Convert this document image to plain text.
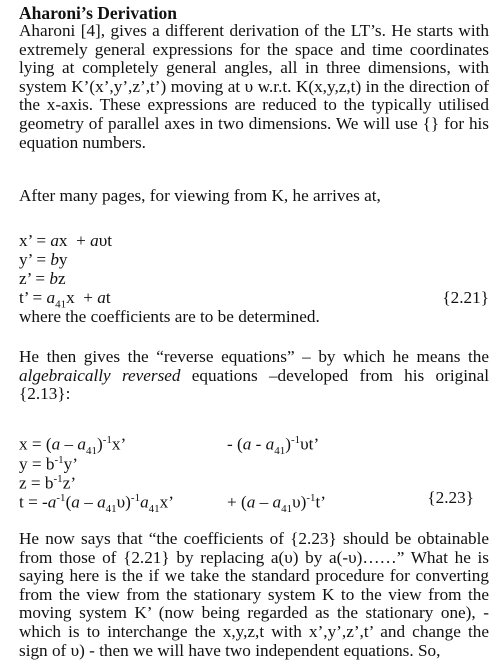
Aharoni’s Derivation
Aharoni [4], gives a different derivation of the LT’s. He starts with extremely general expressions for the space and time coordinates lying at completely general angles, all in three dimensions, with system K’(x’,y’,z’,t’) moving at υ w.r.t. K(x,y,z,t) in the direction of the x-axis. These expressions are reduced to the typically utilised geometry of parallel axes in two dimensions. We will use {} for his equation numbers.
After many pages, for viewing from K, he arrives at,
x’ = ax  + aυt
y’ = by
z’ = bz
t’ = $a_{41}x$  + at	{2.21}
where the coefficients are to be determined.
He then gives the “reverse equations” – by which he means the algebraically reversed equations –developed from his original {2.13}:
$x = (a - a_{41})^{-1}x$’	- $(a - a_{41})^{-1}\upsilon t$’
$y = b^{-1}y$’
$z = b^{-1}z$’
$t = -a^{-1}(a - a_{41}\upsilon)^{-1}a_{41}x$’	+ $(a - a_{41}\upsilon)^{-1}t$’	{2.23}
He now says that “the coefficients of {2.23} should be obtainable from those of {2.21} by replacing a(υ) by a(-υ)……” What he is saying here is the if we take the standard procedure for converting from the view from the stationary system K to the view from the moving system K’ (now being regarded as the stationary one), - which is to interchange the x,y,z,t with x’,y’,z’,t’ and change the sign of υ) - then we will have two independent equations. So,
